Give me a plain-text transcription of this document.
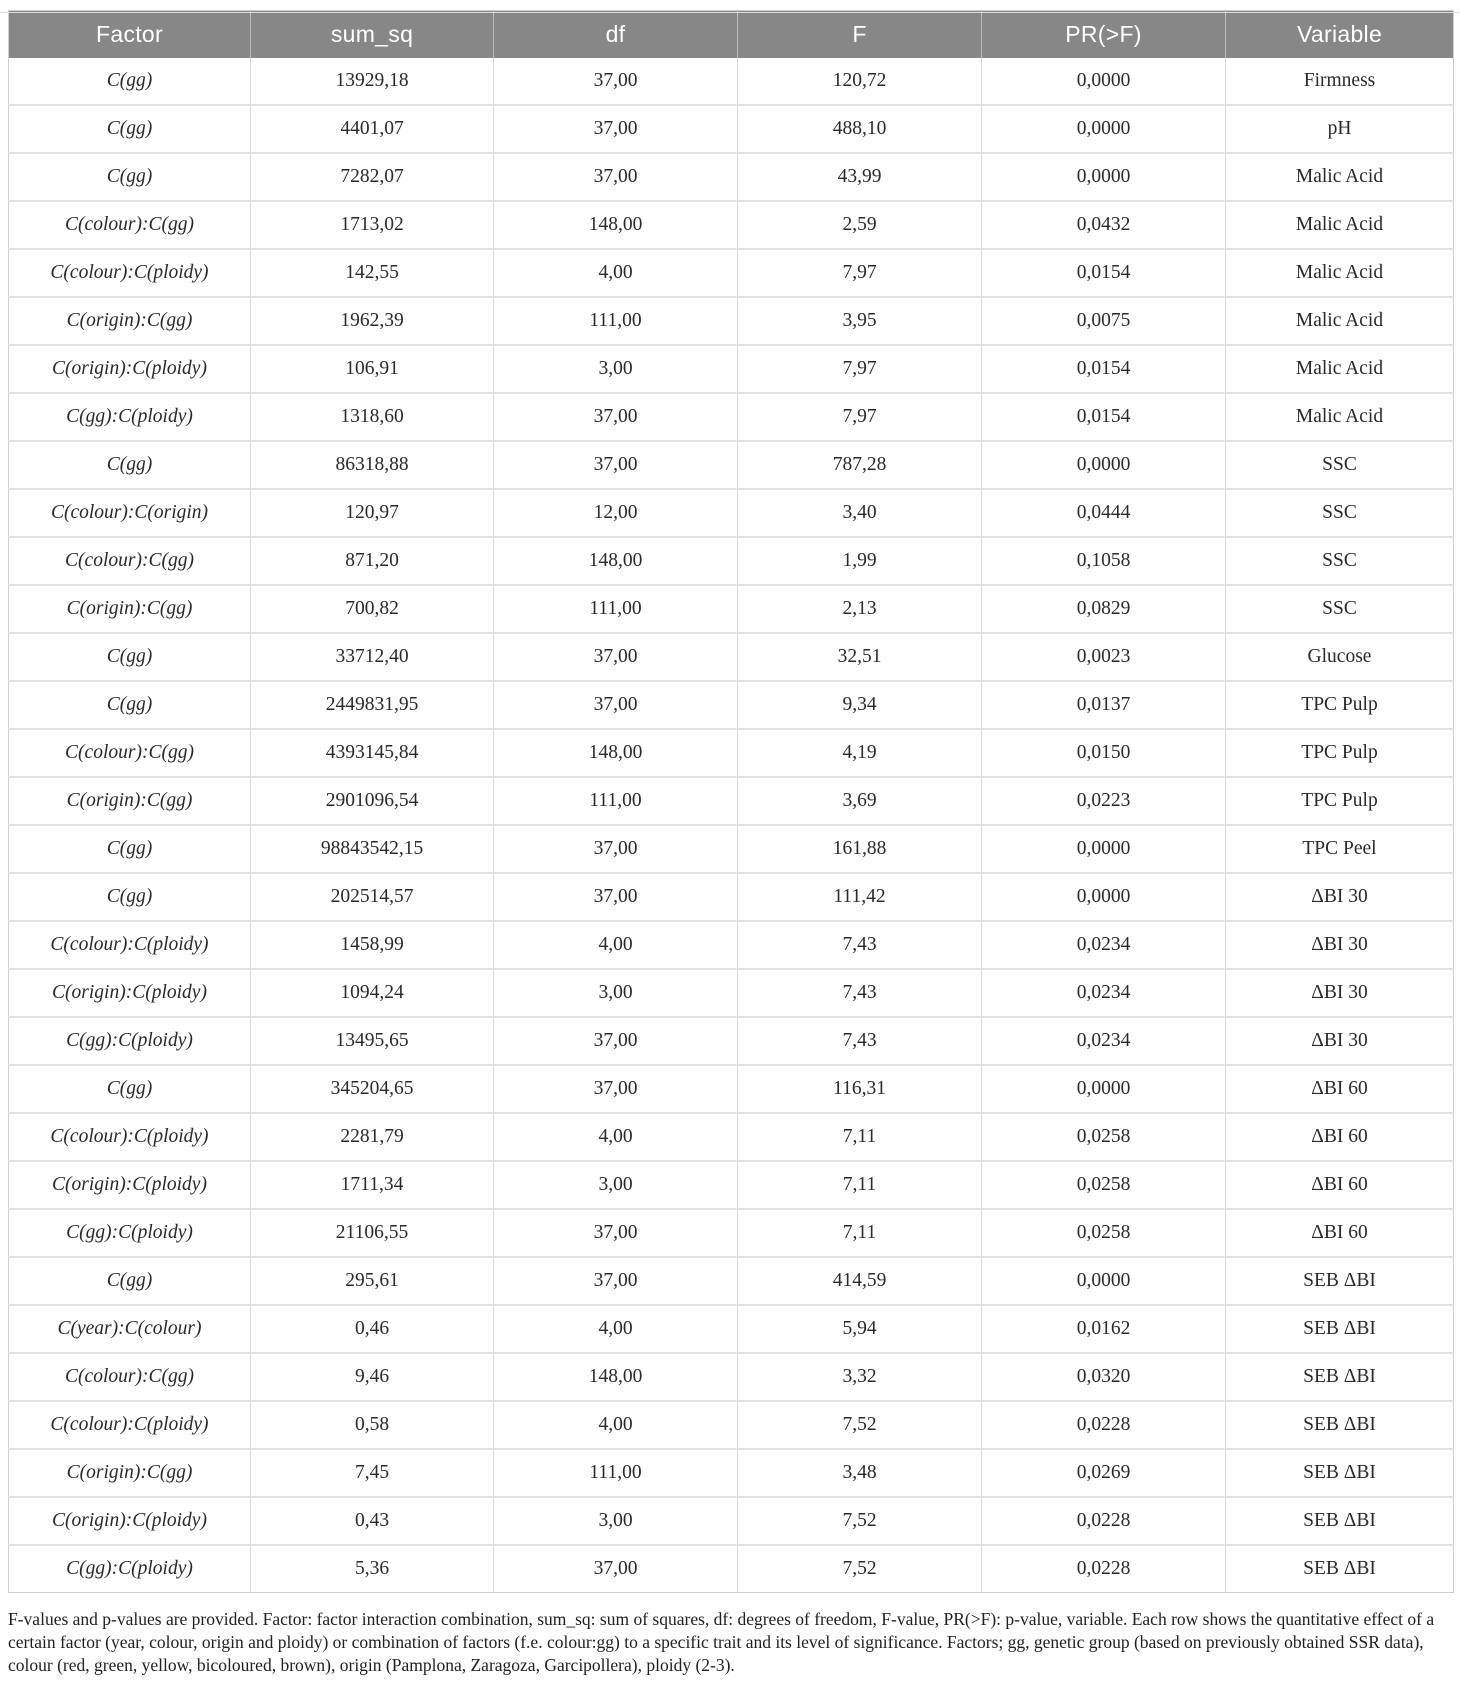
Factor	sum_sq	df	F	PR(>F)	Variable
C(gg)	13929,18	37,00	120,72	0,0000	Firmness
C(gg)	4401,07	37,00	488,10	0,0000	pH
C(gg)	7282,07	37,00	43,99	0,0000	Malic Acid
C(colour):C(gg)	1713,02	148,00	2,59	0,0432	Malic Acid
C(colour):C(ploidy)	142,55	4,00	7,97	0,0154	Malic Acid
C(origin):C(gg)	1962,39	111,00	3,95	0,0075	Malic Acid
C(origin):C(ploidy)	106,91	3,00	7,97	0,0154	Malic Acid
C(gg):C(ploidy)	1318,60	37,00	7,97	0,0154	Malic Acid
C(gg)	86318,88	37,00	787,28	0,0000	SSC
C(colour):C(origin)	120,97	12,00	3,40	0,0444	SSC
C(colour):C(gg)	871,20	148,00	1,99	0,1058	SSC
C(origin):C(gg)	700,82	111,00	2,13	0,0829	SSC
C(gg)	33712,40	37,00	32,51	0,0023	Glucose
C(gg)	2449831,95	37,00	9,34	0,0137	TPC Pulp
C(colour):C(gg)	4393145,84	148,00	4,19	0,0150	TPC Pulp
C(origin):C(gg)	2901096,54	111,00	3,69	0,0223	TPC Pulp
C(gg)	98843542,15	37,00	161,88	0,0000	TPC Peel
C(gg)	202514,57	37,00	111,42	0,0000	ΔBI 30
C(colour):C(ploidy)	1458,99	4,00	7,43	0,0234	ΔBI 30
C(origin):C(ploidy)	1094,24	3,00	7,43	0,0234	ΔBI 30
C(gg):C(ploidy)	13495,65	37,00	7,43	0,0234	ΔBI 30
C(gg)	345204,65	37,00	116,31	0,0000	ΔBI 60
C(colour):C(ploidy)	2281,79	4,00	7,11	0,0258	ΔBI 60
C(origin):C(ploidy)	1711,34	3,00	7,11	0,0258	ΔBI 60
C(gg):C(ploidy)	21106,55	37,00	7,11	0,0258	ΔBI 60
C(gg)	295,61	37,00	414,59	0,0000	SEB ΔBI
C(year):C(colour)	0,46	4,00	5,94	0,0162	SEB ΔBI
C(colour):C(gg)	9,46	148,00	3,32	0,0320	SEB ΔBI
C(colour):C(ploidy)	0,58	4,00	7,52	0,0228	SEB ΔBI
C(origin):C(gg)	7,45	111,00	3,48	0,0269	SEB ΔBI
C(origin):C(ploidy)	0,43	3,00	7,52	0,0228	SEB ΔBI
C(gg):C(ploidy)	5,36	37,00	7,52	0,0228	SEB ΔBI

F-values and p-values are provided. Factor: factor interaction combination, sum_sq: sum of squares, df: degrees of freedom, F-value, PR(>F): p-value, variable. Each row shows the quantitative effect of a certain factor (year, colour, origin and ploidy) or combination of factors (f.e. colour:gg) to a specific trait and its level of significance. Factors; gg, genetic group (based on previously obtained SSR data), colour (red, green, yellow, bicoloured, brown), origin (Pamplona, Zaragoza, Garcipollera), ploidy (2-3).
